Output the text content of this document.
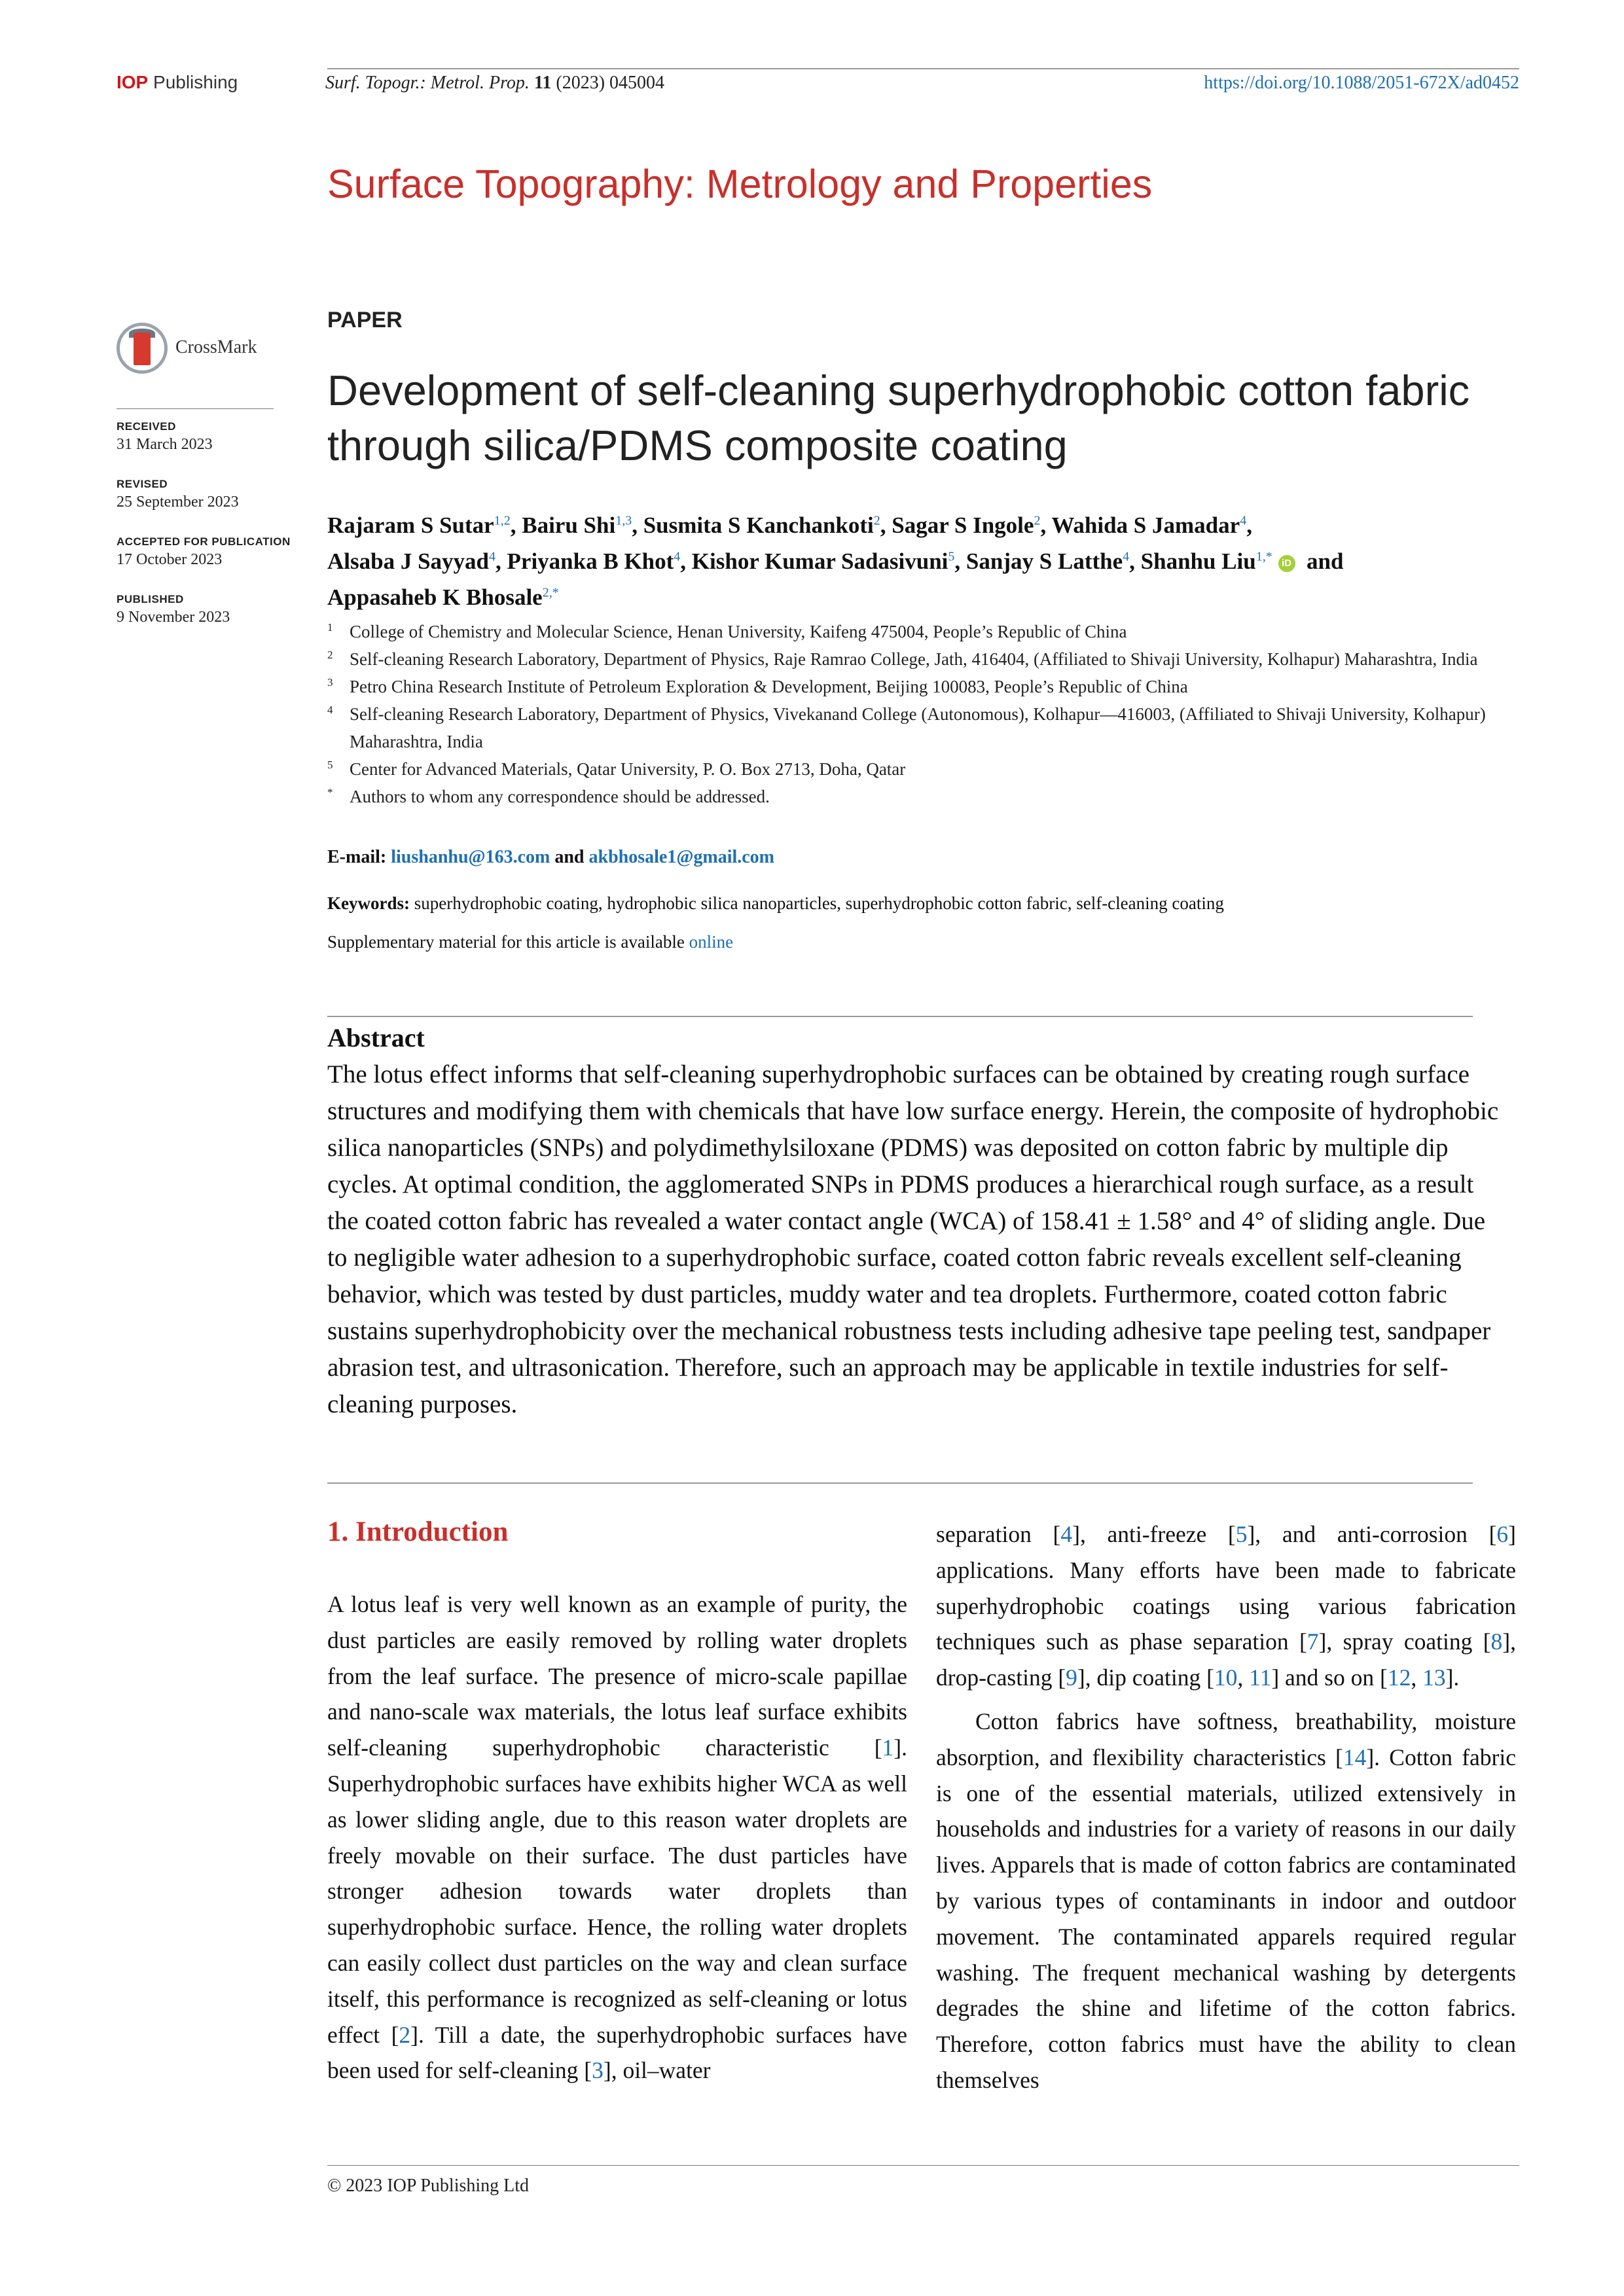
IOP Publishing	Surf. Topogr.: Metrol. Prop. 11 (2023) 045004	https://doi.org/10.1088/2051-672X/ad0452
Surface Topography: Metrology and Properties
CrossMark
RECEIVED
31 March 2023
REVISED
25 September 2023
ACCEPTED FOR PUBLICATION
17 October 2023
PUBLISHED
9 November 2023
PAPER
Development of self-cleaning superhydrophobic cotton fabric
through silica/PDMS composite coating
Rajaram S Sutar$^{1,2}$, Bairu Shi$^{1,3}$, Susmita S Kanchankoti$^2$, Sagar S Ingole$^2$, Wahida S Jamadar$^4$,
Alsaba J Sayyad$^4$, Priyanka B Khot$^4$, Kishor Kumar Sadasivuni$^5$, Sanjay S Latthe$^4$, Shanhu Liu$^{1,*}$ iD and
Appasaheb K Bhosale$^{2,*}$
1 College of Chemistry and Molecular Science, Henan University, Kaifeng 475004, People’s Republic of China
2 Self-cleaning Research Laboratory, Department of Physics, Raje Ramrao College, Jath, 416404, (Affiliated to Shivaji University, Kolhapur) Maharashtra, India
3 Petro China Research Institute of Petroleum Exploration & Development, Beijing 100083, People’s Republic of China
4 Self-cleaning Research Laboratory, Department of Physics, Vivekanand College (Autonomous), Kolhapur—416003, (Affiliated to Shivaji University, Kolhapur) Maharashtra, India
5 Center for Advanced Materials, Qatar University, P. O. Box 2713, Doha, Qatar
* Authors to whom any correspondence should be addressed.
E-mail: liushanhu@163.com and akbhosale1@gmail.com
Keywords: superhydrophobic coating, hydrophobic silica nanoparticles, superhydrophobic cotton fabric, self-cleaning coating
Supplementary material for this article is available online
Abstract
The lotus effect informs that self-cleaning superhydrophobic surfaces can be obtained by creating rough surface structures and modifying them with chemicals that have low surface energy. Herein, the composite of hydrophobic silica nanoparticles (SNPs) and polydimethylsiloxane (PDMS) was deposited on cotton fabric by multiple dip cycles. At optimal condition, the agglomerated SNPs in PDMS produces a hierarchical rough surface, as a result the coated cotton fabric has revealed a water contact angle (WCA) of 158.41 ± 1.58° and 4° of sliding angle. Due to negligible water adhesion to a superhydrophobic surface, coated cotton fabric reveals excellent self-cleaning behavior, which was tested by dust particles, muddy water and tea droplets. Furthermore, coated cotton fabric sustains superhydrophobicity over the mechanical robustness tests including adhesive tape peeling test, sandpaper abrasion test, and ultrasonication. Therefore, such an approach may be applicable in textile industries for self-cleaning purposes.
1. Introduction

A lotus leaf is very well known as an example of purity, the dust particles are easily removed by rolling water droplets from the leaf surface. The presence of micro-scale papillae and nano-scale wax materials, the lotus leaf surface exhibits self-cleaning superhydrophobic characteristic [1]. Superhydrophobic surfaces have exhibits higher WCA as well as lower sliding angle, due to this reason water droplets are freely movable on their surface. The dust particles have stronger adhesion towards water droplets than superhydrophobic surface. Hence, the rolling water droplets can easily collect dust particles on the way and clean surface itself, this performance is recognized as self-cleaning or lotus effect [2]. Till a date, the superhydrophobic surfaces have been used for self-cleaning [3], oil–water

separation [4], anti-freeze [5], and anti-corrosion [6] applications. Many efforts have been made to fabricate superhydrophobic coatings using various fabrication techniques such as phase separation [7], spray coating [8], drop-casting [9], dip coating [10, 11] and so on [12, 13].

Cotton fabrics have softness, breathability, moisture absorption, and flexibility characteristics [14]. Cotton fabric is one of the essential materials, utilized extensively in households and industries for a variety of reasons in our daily lives. Apparels that is made of cotton fabrics are contaminated by various types of contaminants in indoor and outdoor movement. The contaminated apparels required regular washing. The frequent mechanical washing by detergents degrades the shine and lifetime of the cotton fabrics. Therefore, cotton fabrics must have the ability to clean themselves

© 2023 IOP Publishing Ltd
